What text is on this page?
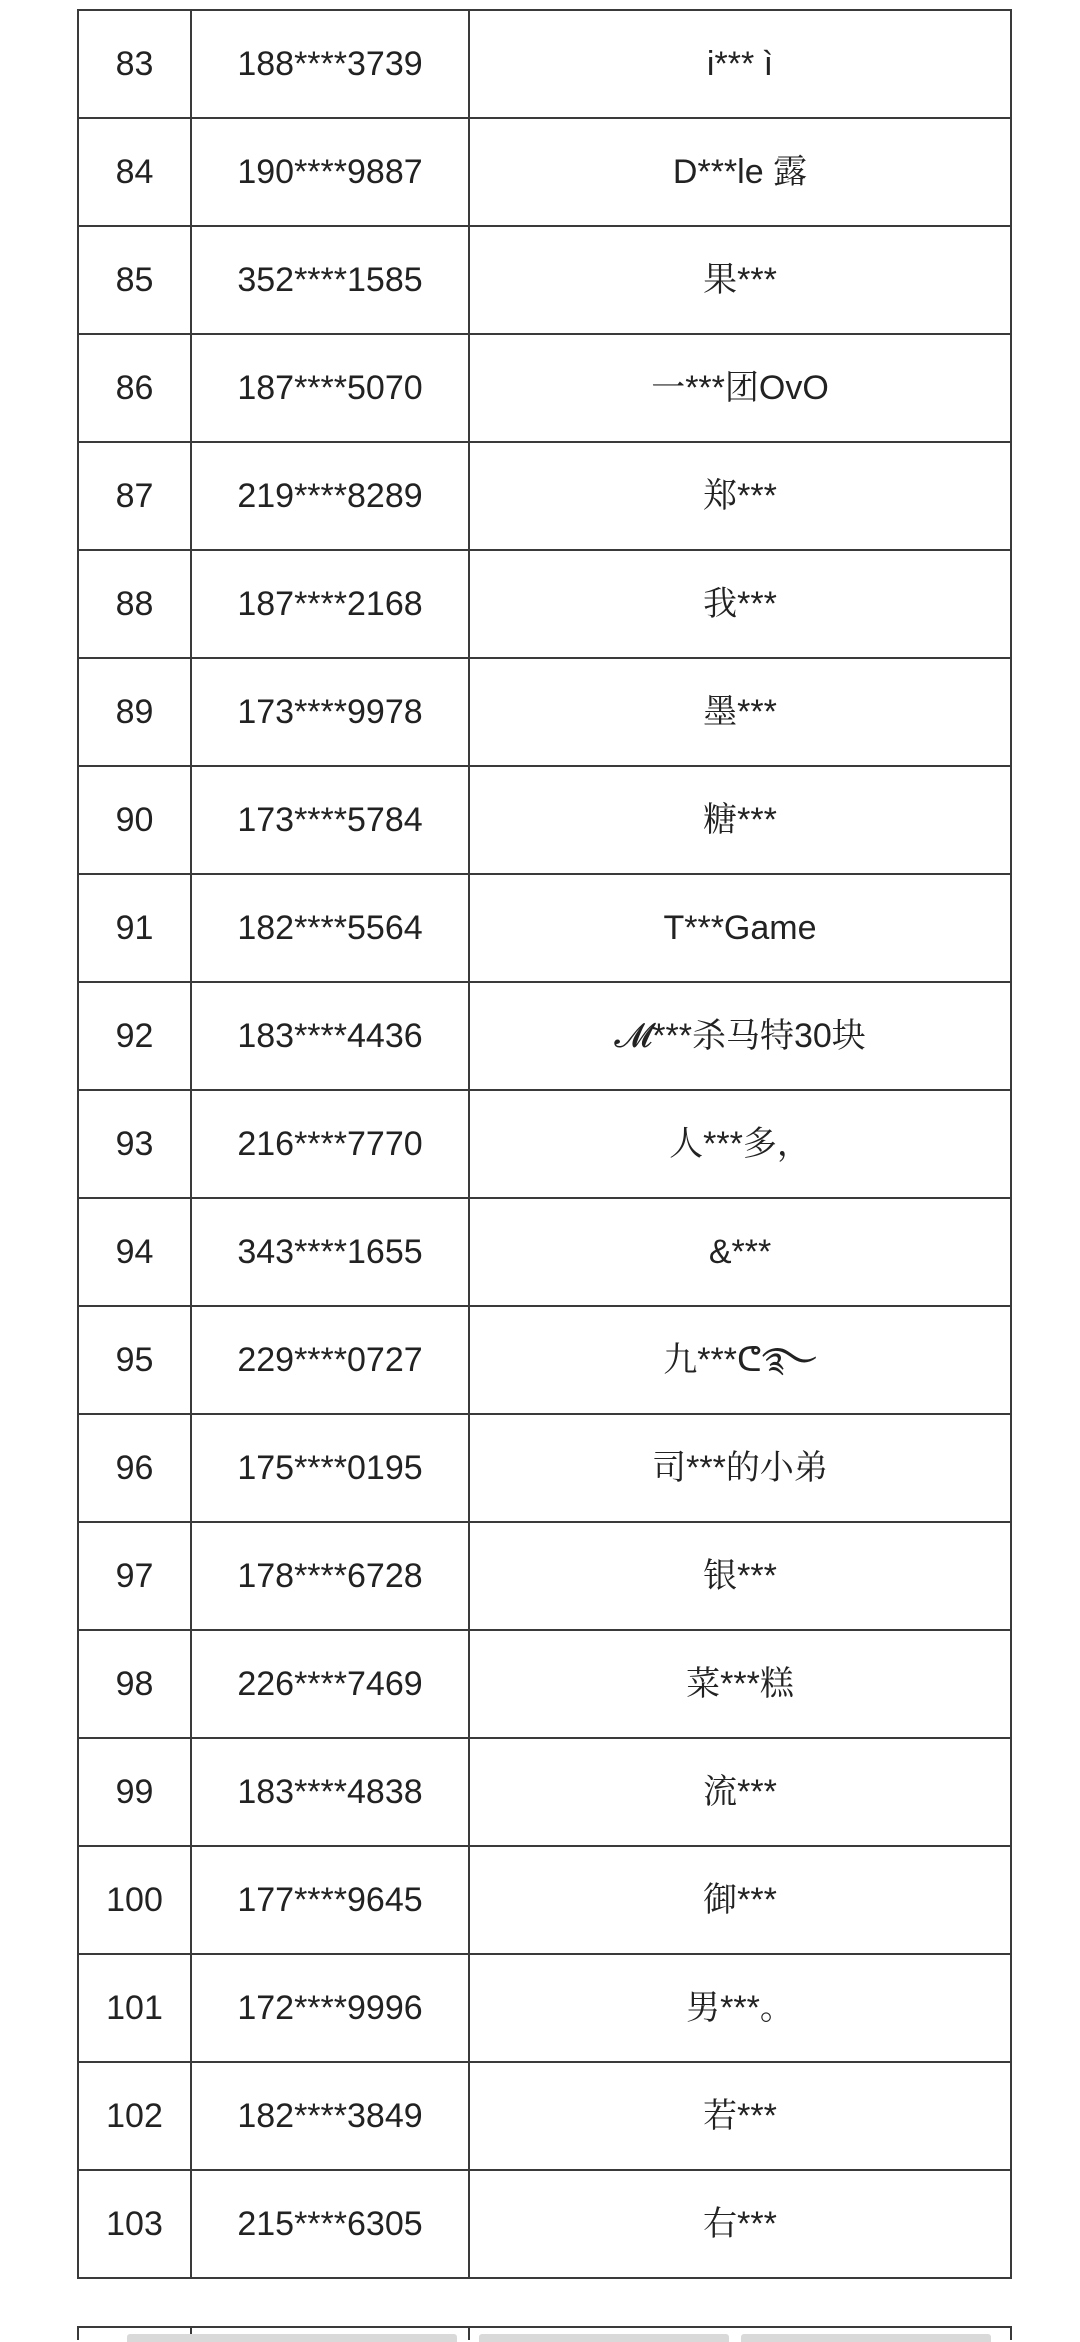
83	188****3739	i*** ì
84	190****9887	D***le 露
85	352****1585	果***
86	187****5070	一***团OvO
87	219****8289	郑***
88	187****2168	我***
89	173****9978	墨***
90	173****5784	糖***
91	182****5564	T***Game
92	183****4436	𝓜***杀马特30块
93	216****7770	人***多，
94	343****1655	&***
95	229****0727	九***ᕦ࿐
96	175****0195	司***的小弟
97	178****6728	银***
98	226****7469	菜***糕
99	183****4838	流***
100	177****9645	御***
101	172****9996	男***。
102	182****3849	若***
103	215****6305	右***
